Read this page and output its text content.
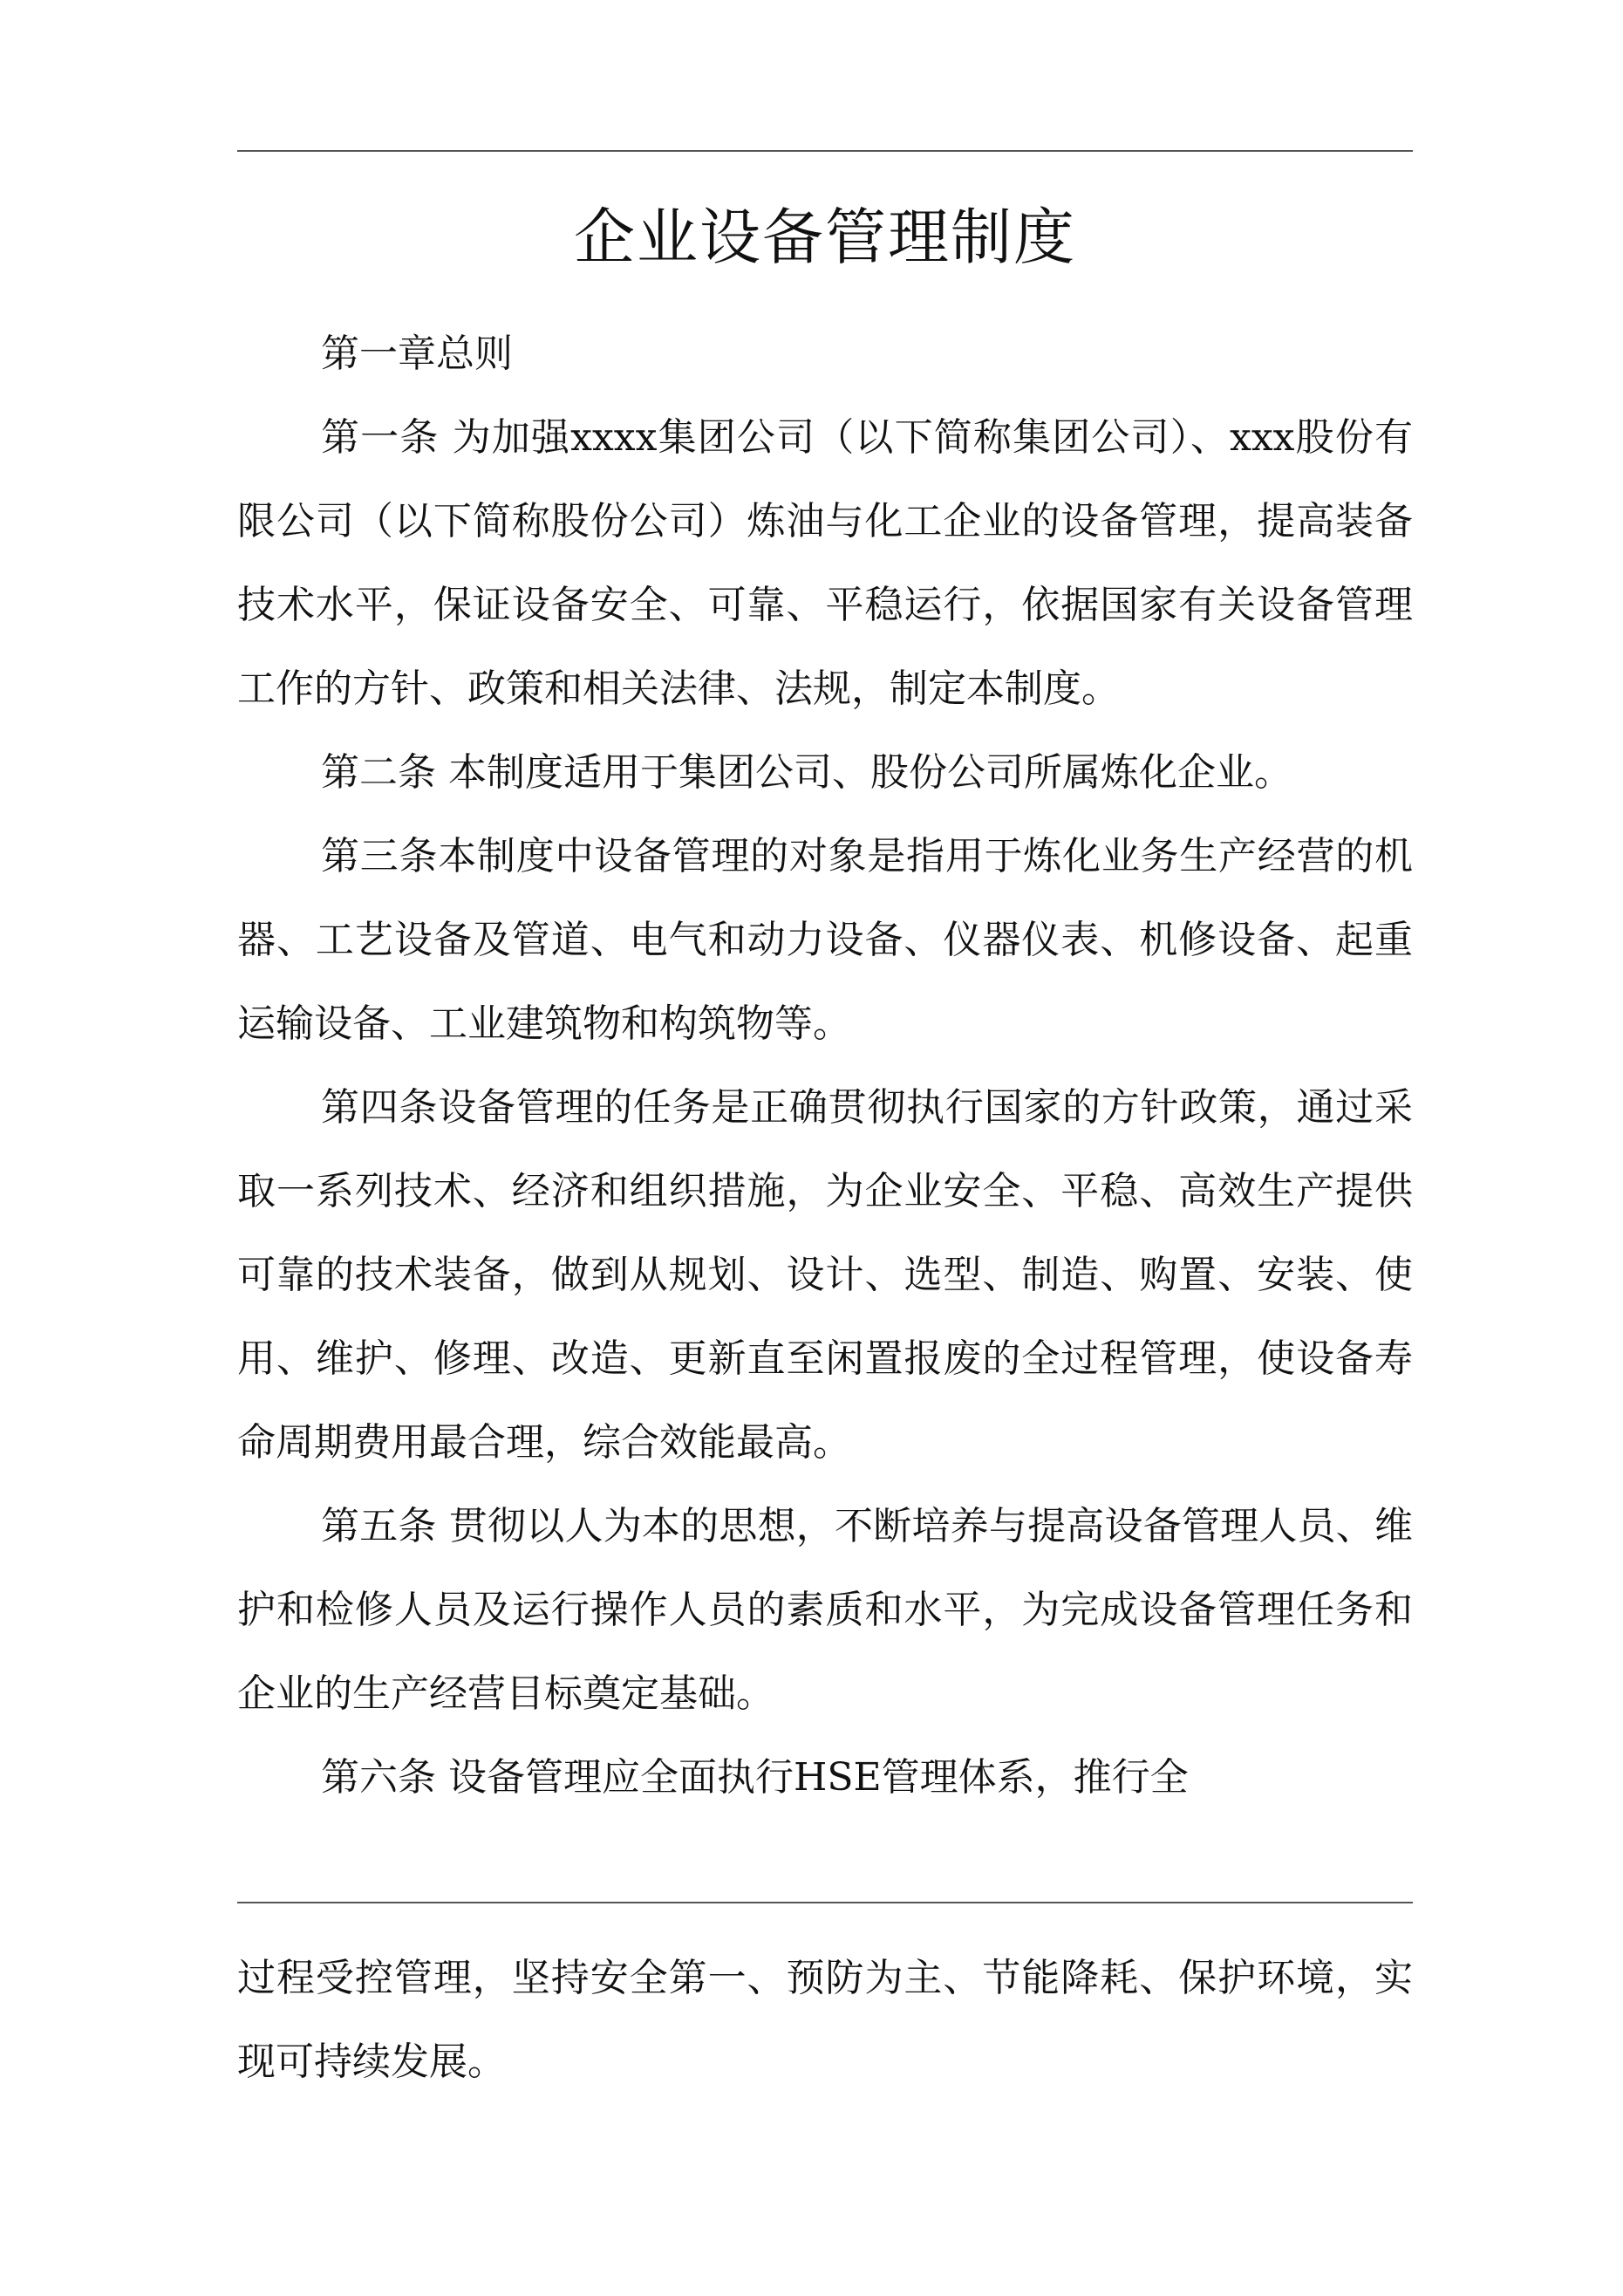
企业设备管理制度

第一章总则

第一条 为加强xxxx集团公司（以下简称集团公司）、xxx股份有限公司（以下简称股份公司）炼油与化工企业的设备管理，提高装备技术水平，保证设备安全、可靠、平稳运行，依据国家有关设备管理工作的方针、政策和相关法律、法规，制定本制度。

第二条 本制度适用于集团公司、股份公司所属炼化企业。

第三条本制度中设备管理的对象是指用于炼化业务生产经营的机器、工艺设备及管道、电气和动力设备、仪器仪表、机修设备、起重运输设备、工业建筑物和构筑物等。

第四条设备管理的任务是正确贯彻执行国家的方针政策，通过采取一系列技术、经济和组织措施，为企业安全、平稳、高效生产提供可靠的技术装备，做到从规划、设计、选型、制造、购置、安装、使用、维护、修理、改造、更新直至闲置报废的全过程管理，使设备寿命周期费用最合理，综合效能最高。

第五条 贯彻以人为本的思想，不断培养与提高设备管理人员、维护和检修人员及运行操作人员的素质和水平，为完成设备管理任务和企业的生产经营目标奠定基础。

第六条 设备管理应全面执行HSE管理体系，推行全

过程受控管理，坚持安全第一、预防为主、节能降耗、保护环境，实现可持续发展。
